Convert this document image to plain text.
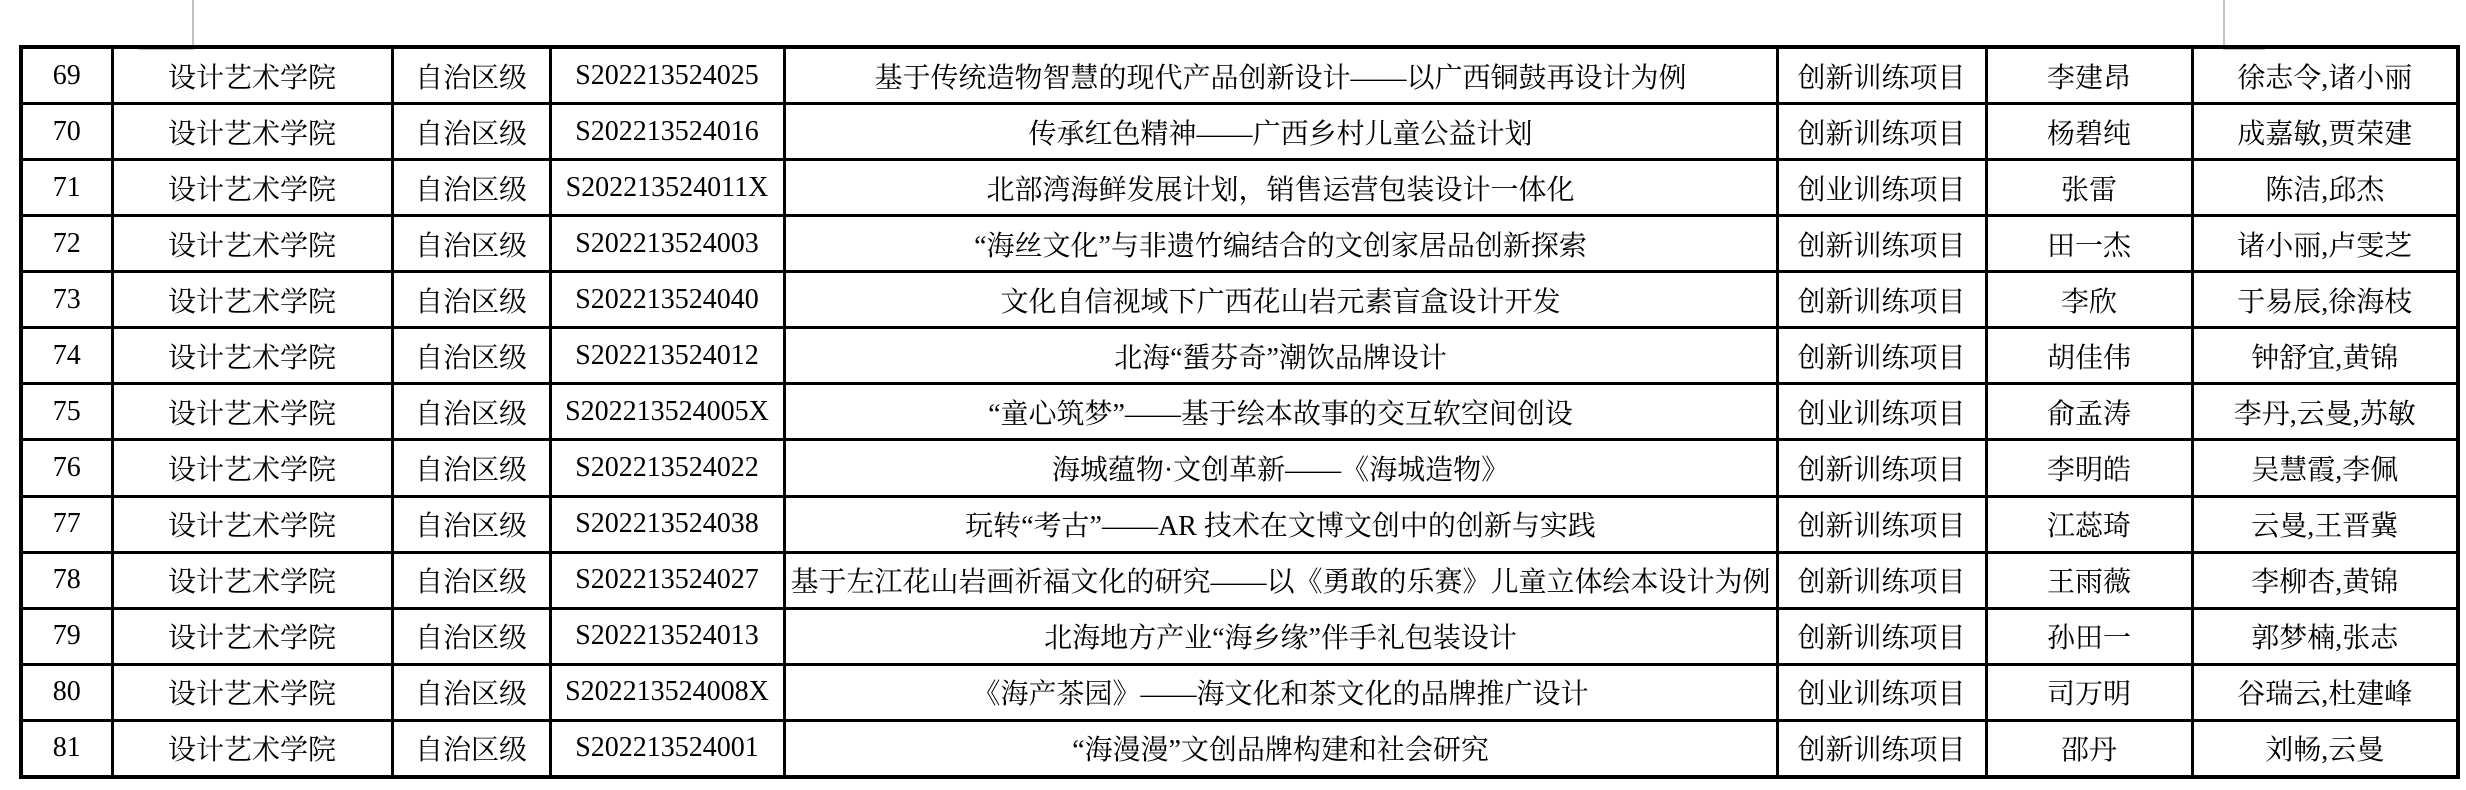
69	设计艺术学院	自治区级	S202213524025	基于传统造物智慧的现代产品创新设计——以广西铜鼓再设计为例	创新训练项目	李建昂	徐志令,诸小丽
70	设计艺术学院	自治区级	S202213524016	传承红色精神——广西乡村儿童公益计划	创新训练项目	杨碧纯	成嘉敏,贾荣建
71	设计艺术学院	自治区级	S202213524011X	北部湾海鲜发展计划，销售运营包装设计一体化	创业训练项目	张雷	陈洁,邱杰
72	设计艺术学院	自治区级	S202213524003	“海丝文化”与非遗竹编结合的文创家居品创新探索	创新训练项目	田一杰	诸小丽,卢雯芝
73	设计艺术学院	自治区级	S202213524040	文化自信视域下广西花山岩元素盲盒设计开发	创新训练项目	李欣	于易辰,徐海枝
74	设计艺术学院	自治区级	S202213524012	北海“蜑芬奇”潮饮品牌设计	创新训练项目	胡佳伟	钟舒宜,黄锦
75	设计艺术学院	自治区级	S202213524005X	“童心筑梦”——基于绘本故事的交互软空间创设	创业训练项目	俞孟涛	李丹,云曼,苏敏
76	设计艺术学院	自治区级	S202213524022	海城蕴物·文创革新——《海城造物》	创新训练项目	李明皓	吴慧霞,李佩
77	设计艺术学院	自治区级	S202213524038	玩转“考古”——AR 技术在文博文创中的创新与实践	创新训练项目	江蕊琦	云曼,王晋冀
78	设计艺术学院	自治区级	S202213524027	基于左江花山岩画祈福文化的研究——以《勇敢的乐赛》儿童立体绘本设计为例	创新训练项目	王雨薇	李柳杏,黄锦
79	设计艺术学院	自治区级	S202213524013	北海地方产业“海乡缘”伴手礼包装设计	创新训练项目	孙田一	郭梦楠,张志
80	设计艺术学院	自治区级	S202213524008X	《海产茶园》——海文化和茶文化的品牌推广设计	创业训练项目	司万明	谷瑞云,杜建峰
81	设计艺术学院	自治区级	S202213524001	“海漫漫”文创品牌构建和社会研究	创新训练项目	邵丹	刘畅,云曼
